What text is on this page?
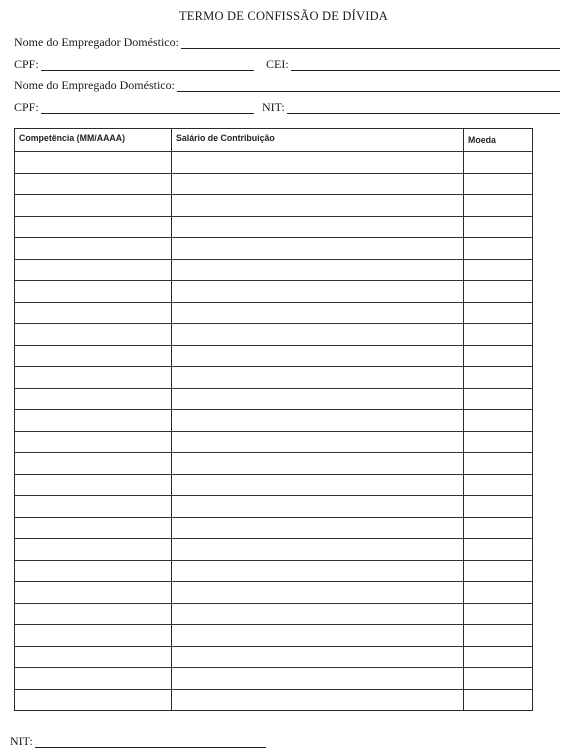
TERMO DE CONFISSÃO DE DÍVIDA
Nome do Empregador Doméstico:
CPF:	CEI:
Nome do Empregado Doméstico:
CPF:	NIT:
Competência (MM/AAAA)	Salário de Contribuição	Moeda
NIT:
